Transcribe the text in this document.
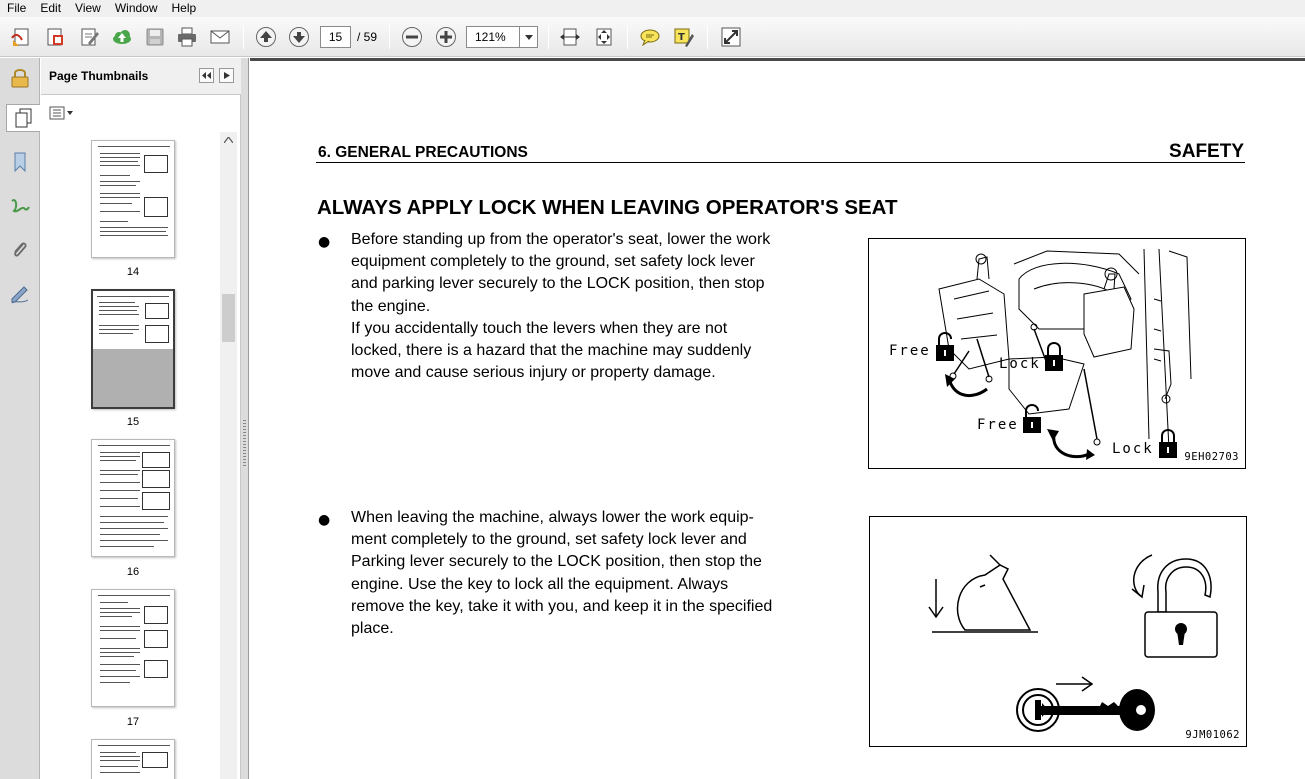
File	Edit	View	Window	Help
15	/ 59	121%	T
Page Thumbnails
14
15
16
17
6. GENERAL PRECAUTIONS	SAFETY
ALWAYS APPLY LOCK WHEN LEAVING OPERATOR'S SEAT
● Before standing up from the operator's seat, lower the work
equipment completely to the ground, set safety lock lever
and parking lever securely to the LOCK position, then stop
the engine.
If you accidentally touch the levers when they are not
locked, there is a hazard that the machine may suddenly
move and cause serious injury or property damage.
Free
Lock
Free
Lock	9EH02703
● When leaving the machine, always lower the work equip-
ment completely to the ground, set safety lock lever and
Parking lever securely to the LOCK position, then stop the
engine. Use the key to lock all the equipment. Always
remove the key, take it with you, and keep it in the specified
place.
9JM01062
